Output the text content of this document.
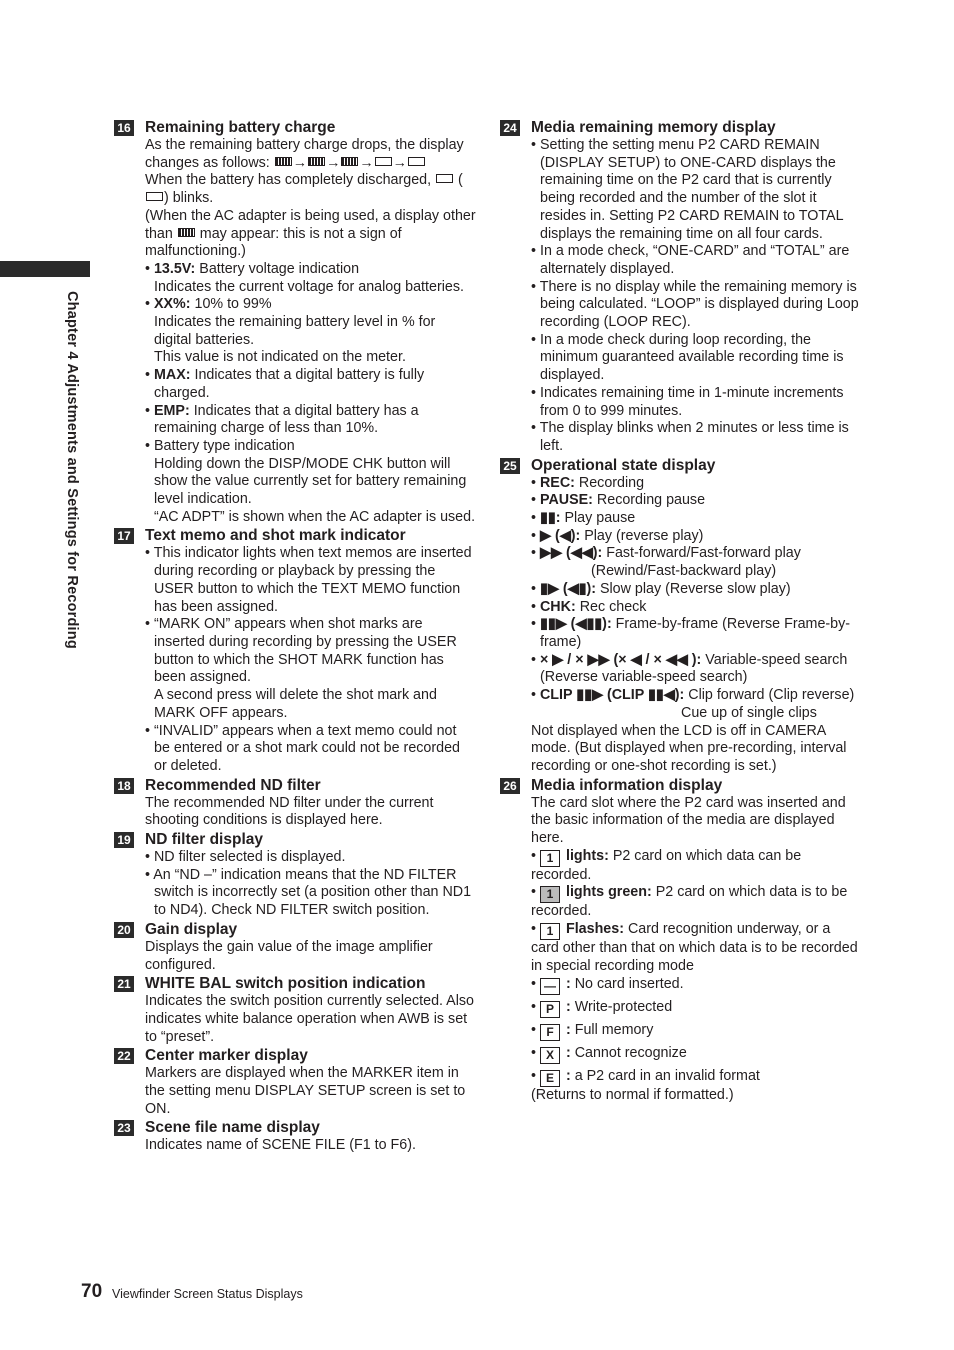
Chapter 4 Adjustments and Settings for Recording
16 Remaining battery charge

As the remaining battery charge drops, the display changes as follows: → → → →

When the battery has completely discharged,  () blinks.

(When the AC adapter is being used, a display other than may appear: this is not a sign of malfunctioning.)

• 13.5V: Battery voltage indication

Indicates the current voltage for analog batteries.

• XX%: 10% to 99%

Indicates the remaining battery level in % for digital batteries.

This value is not indicated on the meter.

• MAX: Indicates that a digital battery is fully charged.

• EMP: Indicates that a digital battery has a remaining charge of less than 10%.

• Battery type indication

Holding down the DISP/MODE CHK button will show the value currently set for battery remaining level indication.

“AC ADPT” is shown when the AC adapter is used.

17 Text memo and shot mark indicator

• This indicator lights when text memos are inserted during recording or playback by pressing the USER button to which the TEXT MEMO function has been assigned.

• “MARK ON” appears when shot marks are inserted during recording by pressing the USER button to which the SHOT MARK function has been assigned.

A second press will delete the shot mark and MARK OFF appears.

• “INVALID” appears when a text memo could not be entered or a shot mark could not be recorded or deleted.

18 Recommended ND filter

The recommended ND filter under the current shooting conditions is displayed here.

19 ND filter display

• ND filter selected is displayed.

• An “ND –” indication means that the ND FILTER switch is incorrectly set (a position other than ND1 to ND4). Check ND FILTER switch position.

20 Gain display

Displays the gain value of the image amplifier configured.

21 WHITE BAL switch position indication

Indicates the switch position currently selected. Also indicates white balance operation when AWB is set to “preset”.

22 Center marker display

Markers are displayed when the MARKER item in the setting menu DISPLAY SETUP screen is set to ON.

23 Scene file name display

Indicates name of SCENE FILE (F1 to F6).

24 Media remaining memory display

• Setting the setting menu P2 CARD REMAIN (DISPLAY SETUP) to ONE-CARD displays the remaining time on the P2 card that is currently being recorded and the number of the slot it resides in. Setting P2 CARD REMAIN to TOTAL displays the remaining time on all four cards.

• In a mode check, “ONE-CARD” and “TOTAL” are alternately displayed.

• There is no display while the remaining memory is being calculated. “LOOP” is displayed during Loop recording (LOOP REC).

• In a mode check during loop recording, the minimum guaranteed available recording time is displayed.

• Indicates remaining time in 1-minute increments from 0 to 999 minutes.

• The display blinks when 2 minutes or less time is left.

25 Operational state display

• REC: Recording

• PAUSE: Recording pause

• ▮▮: Play pause

• ▶ (◀): Play (reverse play)

• ▶▶ (◀◀): Fast-forward/Fast-forward play
(Rewind/Fast-backward play)

• ▮▶ (◀▮): Slow play (Reverse slow play)

• CHK: Rec check

• ▮▮▶ (◀▮▮): Frame-by-frame (Reverse Frame-by-frame)

• × ▶ / × ▶▶ (× ◀ / × ◀◀ ): Variable-speed search (Reverse variable-speed search)

• CLIP ▮▮▶ (CLIP ▮▮◀): Clip forward (Clip reverse)
Cue up of single clips

Not displayed when the LCD is off in CAMERA mode. (But displayed when pre-recording, interval recording or one-shot recording is set.)

26 Media information display

The card slot where the P2 card was inserted and the basic information of the media are displayed here.

• 1 lights: P2 card on which data can be recorded.

• 1 lights green: P2 card on which data is to be recorded.

• 1 Flashes: Card recognition underway, or a card other than that on which data is to be recorded in special recording mode

• — : No card inserted.

• P : Write-protected

• F : Full memory

• X : Cannot recognize

• E : a P2 card in an invalid format

(Returns to normal if formatted.)

70 Viewfinder Screen Status Displays
